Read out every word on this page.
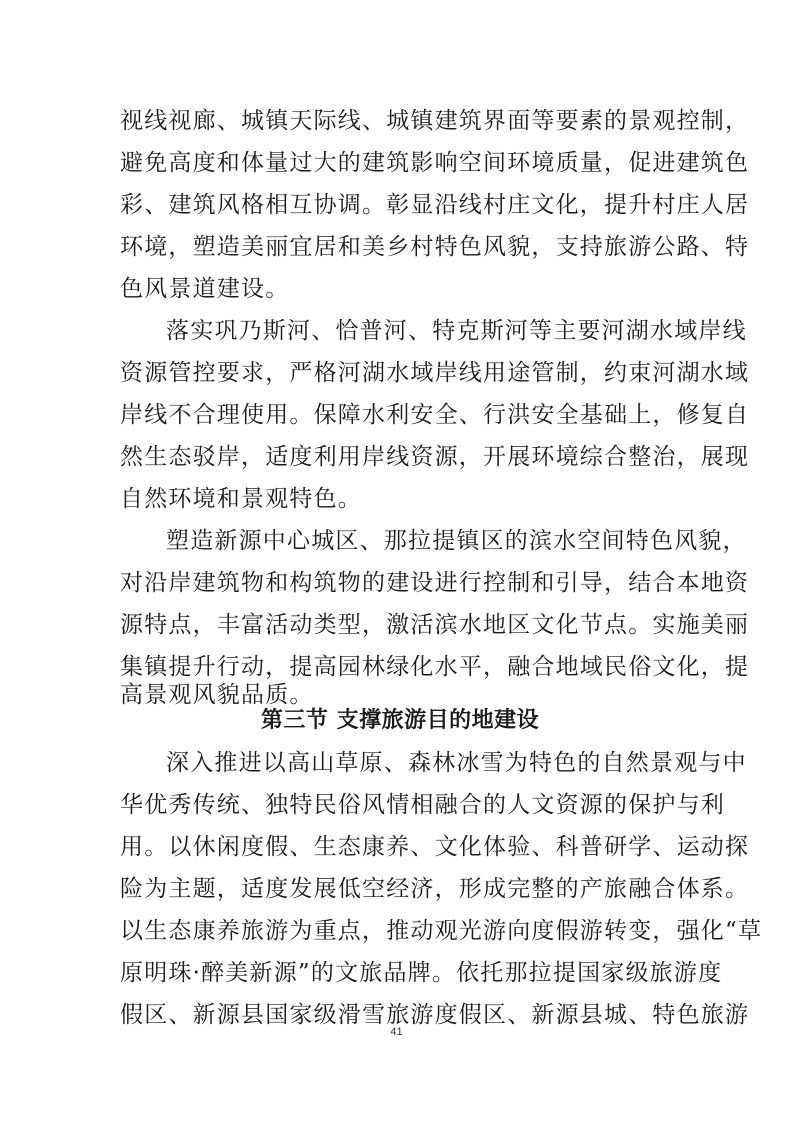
视线视廊、城镇天际线、城镇建筑界面等要素的景观控制，
避免高度和体量过大的建筑影响空间环境质量，促进建筑色
彩、建筑风格相互协调。彰显沿线村庄文化，提升村庄人居
环境，塑造美丽宜居和美乡村特色风貌，支持旅游公路、特
色风景道建设。
落实巩乃斯河、恰普河、特克斯河等主要河湖水域岸线
资源管控要求，严格河湖水域岸线用途管制，约束河湖水域
岸线不合理使用。保障水利安全、行洪安全基础上，修复自
然生态驳岸，适度利用岸线资源，开展环境综合整治，展现
自然环境和景观特色。
塑造新源中心城区、那拉提镇区的滨水空间特色风貌，
对沿岸建筑物和构筑物的建设进行控制和引导，结合本地资
源特点，丰富活动类型，激活滨水地区文化节点。实施美丽
集镇提升行动，提高园林绿化水平，融合地域民俗文化，提
第三节 支撑旅游目的地建设
深入推进以高山草原、森林冰雪为特色的自然景观与中
华优秀传统、独特民俗风情相融合的人文资源的保护与利
用。以休闲度假、生态康养、文化体验、科普研学、运动探
险为主题，适度发展低空经济，形成完整的产旅融合体系。
以生态康养旅游为重点，推动观光游向度假游转变，强化“草
原明珠·醉美新源”的文旅品牌。依托那拉提国家级旅游度
假区、新源县国家级滑雪旅游度假区、新源县城、特色旅游
41
高景观风貌品质。
